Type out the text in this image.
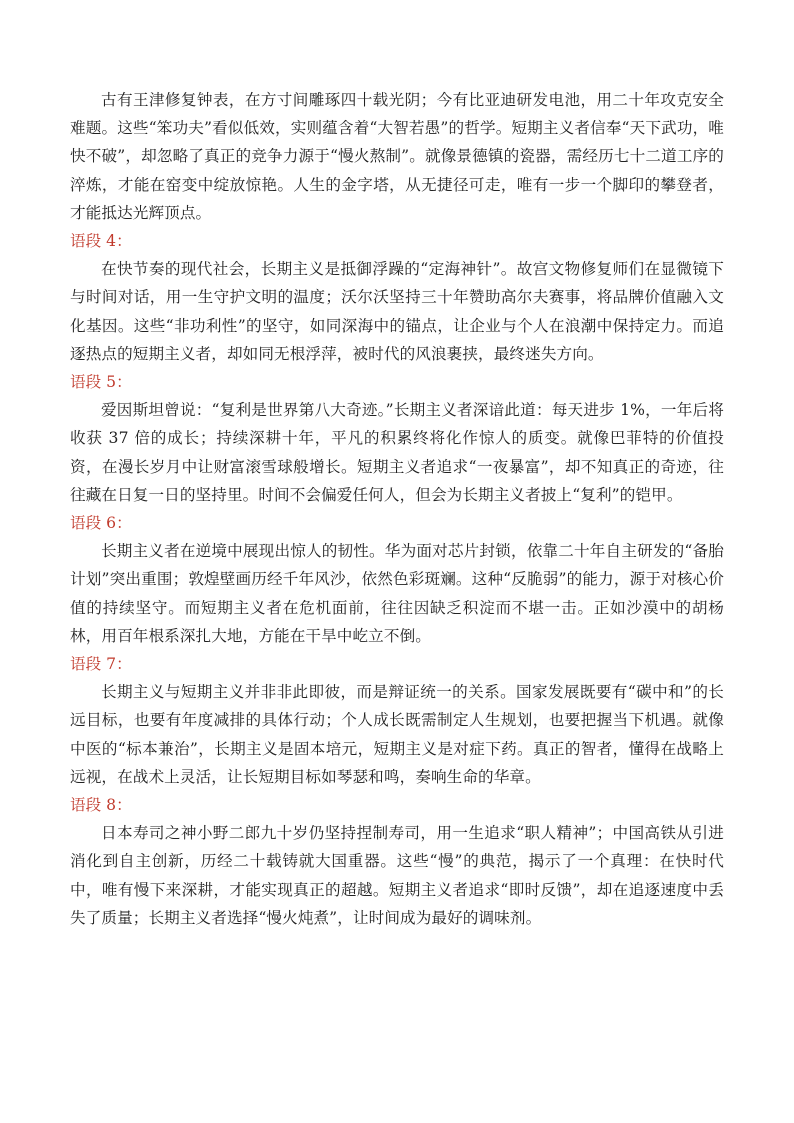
古有王津修复钟表，在方寸间雕琢四十载光阴；今有比亚迪研发电池，用二十年攻克安全难题。这些“笨功夫”看似低效，实则蕴含着“大智若愚”的哲学。短期主义者信奉“天下武功，唯快不破”，却忽略了真正的竞争力源于“慢火熬制”。就像景德镇的瓷器，需经历七十二道工序的淬炼，才能在窑变中绽放惊艳。人生的金字塔，从无捷径可走，唯有一步一个脚印的攀登者，才能抵达光辉顶点。

语段 4：

在快节奏的现代社会，长期主义是抵御浮躁的“定海神针”。故宫文物修复师们在显微镜下与时间对话，用一生守护文明的温度；沃尔沃坚持三十年赞助高尔夫赛事，将品牌价值融入文化基因。这些“非功利性”的坚守，如同深海中的锚点，让企业与个人在浪潮中保持定力。而追逐热点的短期主义者，却如同无根浮萍，被时代的风浪裹挟，最终迷失方向。

语段 5：

爱因斯坦曾说：“复利是世界第八大奇迹。”长期主义者深谙此道：每天进步 1%，一年后将收获 37 倍的成长；持续深耕十年，平凡的积累终将化作惊人的质变。就像巴菲特的价值投资，在漫长岁月中让财富滚雪球般增长。短期主义者追求“一夜暴富”，却不知真正的奇迹，往往藏在日复一日的坚持里。时间不会偏爱任何人，但会为长期主义者披上“复利”的铠甲。

语段 6：

长期主义者在逆境中展现出惊人的韧性。华为面对芯片封锁，依靠二十年自主研发的“备胎计划”突出重围；敦煌壁画历经千年风沙，依然色彩斑斓。这种“反脆弱”的能力，源于对核心价值的持续坚守。而短期主义者在危机面前，往往因缺乏积淀而不堪一击。正如沙漠中的胡杨林，用百年根系深扎大地，方能在干旱中屹立不倒。

语段 7：

长期主义与短期主义并非非此即彼，而是辩证统一的关系。国家发展既要有“碳中和”的长远目标，也要有年度减排的具体行动；个人成长既需制定人生规划，也要把握当下机遇。就像中医的“标本兼治”，长期主义是固本培元，短期主义是对症下药。真正的智者，懂得在战略上远视，在战术上灵活，让长短期目标如琴瑟和鸣，奏响生命的华章。

语段 8：

日本寿司之神小野二郎九十岁仍坚持捏制寿司，用一生追求“职人精神”；中国高铁从引进消化到自主创新，历经二十载铸就大国重器。这些“慢”的典范，揭示了一个真理：在快时代中，唯有慢下来深耕，才能实现真正的超越。短期主义者追求“即时反馈”，却在追逐速度中丢失了质量；长期主义者选择“慢火炖煮”，让时间成为最好的调味剂。
